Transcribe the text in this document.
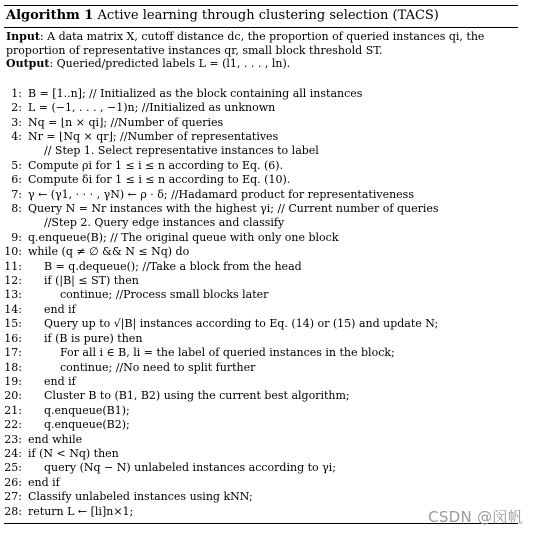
Algorithm 1 Active learning through clustering selection (TACS)
Input: A data matrix X, cutoff distance dc, the proportion of queried instances qi, the proportion of representative instances qr, small block threshold ST.
Output: Queried/predicted labels L = (l1, . . . , ln).
1: B = [1..n]; // Initialized as the block containing all instances
2: L = (−1, . . . , −1)n; //Initialized as unknown
3: Nq = ⌊n × qi⌋; //Number of queries
4: Nr = ⌊Nq × qr⌋; //Number of representatives
// Step 1. Select representative instances to label
5: Compute ρi for 1 ≤ i ≤ n according to Eq. (6).
6: Compute δi for 1 ≤ i ≤ n according to Eq. (10).
7: γ ← (γ1, · · · , γN) ← ρ · δ; //Hadamard product for representativeness
8: Query N = Nr instances with the highest γi; // Current number of queries
//Step 2. Query edge instances and classify
9: q.enqueue(B); // The original queue with only one block
10: while (q ≠ ∅ && N ≤ Nq) do
11:	B = q.dequeue(); //Take a block from the head
12:	if (|B| ≤ ST) then
13:	continue; //Process small blocks later
14:	end if
15:	Query up to √|B| instances according to Eq. (14) or (15) and update N;
16:	if (B is pure) then
17:	For all i ∈ B, li = the label of queried instances in the block;
18:	continue; //No need to split further
19:	end if
20:	Cluster B to (B1, B2) using the current best algorithm;
21:	q.enqueue(B1);
22:	q.enqueue(B2);
23: end while
24: if (N < Nq) then
25:	query (Nq − N) unlabeled instances according to γi;
26: end if
27: Classify unlabeled instances using kNN;
28: return L ← [li]n×1;	CSDN @闵帆
